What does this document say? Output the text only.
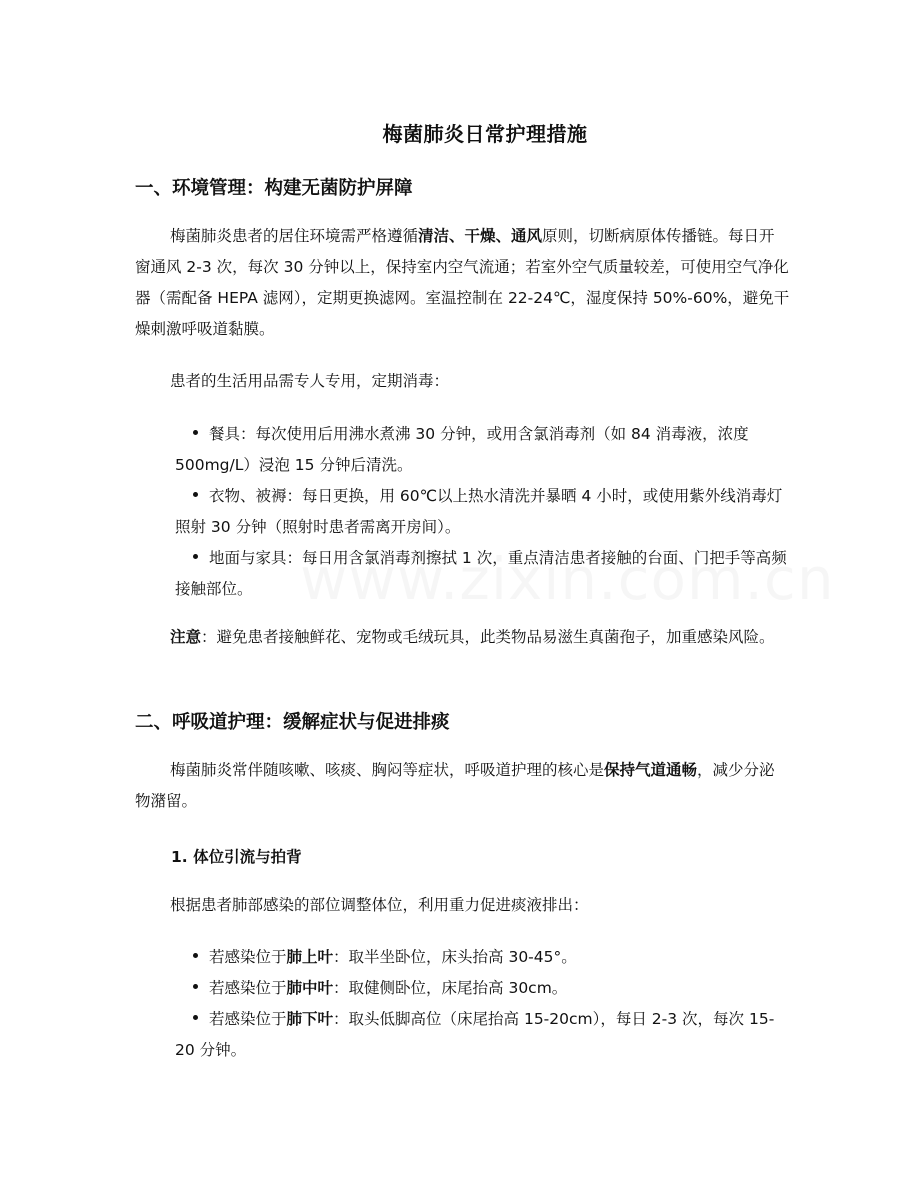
梅菌肺炎日常护理措施
一、环境管理：构建无菌防护屏障

梅菌肺炎患者的居住环境需严格遵循清洁、干燥、通风原则，切断病原体传播链。每日开窗通风 2-3 次，每次 30 分钟以上，保持室内空气流通；若室外空气质量较差，可使用空气净化器（需配备 HEPA 滤网），定期更换滤网。室温控制在 22-24℃，湿度保持 50%-60%，避免干燥刺激呼吸道黏膜。

患者的生活用品需专人专用，定期消毒：

餐具：每次使用后用沸水煮沸 30 分钟，或用含氯消毒剂（如 84 消毒液，浓度 500mg/L）浸泡 15 分钟后清洗。
衣物、被褥：每日更换，用 60℃以上热水清洗并暴晒 4 小时，或使用紫外线消毒灯照射 30 分钟（照射时患者需离开房间）。
地面与家具：每日用含氯消毒剂擦拭 1 次，重点清洁患者接触的台面、门把手等高频接触部位。

注意：避免患者接触鲜花、宠物或毛绒玩具，此类物品易滋生真菌孢子，加重感染风险。

二、呼吸道护理：缓解症状与促进排痰

梅菌肺炎常伴随咳嗽、咳痰、胸闷等症状，呼吸道护理的核心是保持气道通畅，减少分泌物潴留。

1. 体位引流与拍背

根据患者肺部感染的部位调整体位，利用重力促进痰液排出：

若感染位于肺上叶：取半坐卧位，床头抬高 30-45°。
若感染位于肺中叶：取健侧卧位，床尾抬高 30cm。
若感染位于肺下叶：取头低脚高位（床尾抬高 15-20cm），每日 2-3 次，每次 15-20 分钟。
